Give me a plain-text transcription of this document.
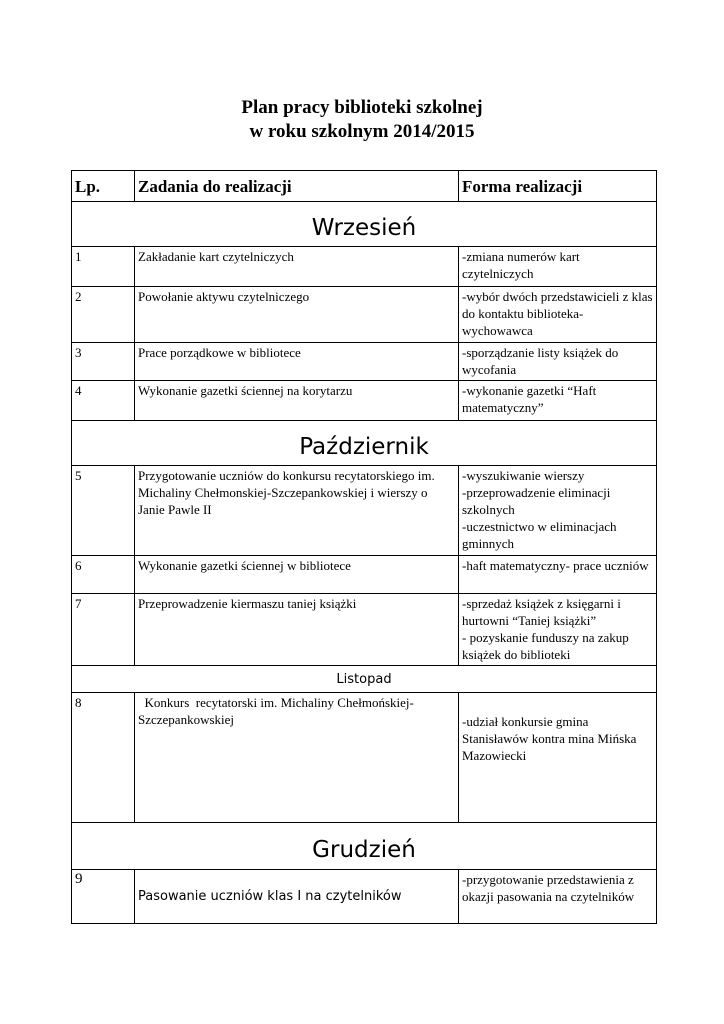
Plan pracy biblioteki szkolnej
w roku szkolnym 2014/2015
Lp.	Zadania do realizacji	Forma realizacji
Wrzesień		
1	Zakładanie kart czytelniczych	-zmiana numerów kart czytelniczych
2	Powołanie aktywu czytelniczego	-wybór dwóch przedstawicieli z klas do kontaktu biblioteka-wychowawca
3	Prace porządkowe w bibliotece	-sporządzanie listy książek do wycofania
4	Wykonanie gazetki ściennej na korytarzu	-wykonanie gazetki “Haft matematyczny”
Październik		
5	Przygotowanie uczniów do konkursu recytatorskiego im. Michaliny Chełmonskiej-Szczepankowskiej i wierszy o Janie Pawle II	-wyszukiwanie wierszy
-przeprowadzenie eliminacji szkolnych
-uczestnictwo w eliminacjach gminnych

6	Wykonanie gazetki ściennej w bibliotece	-haft matematyczny- prace uczniów
7	Przeprowadzenie kiermaszu taniej książki	-sprzedaż książek z księgarni i hurtowni “Taniej książki”
- pozyskanie funduszy na zakup książek do biblioteki

Listopad		
8	Konkurs  recytatorski im. Michaliny Chełmońskiej-Szczepankowskiej	-udział konkursie gmina Stanisławów kontra mina Mińska Mazowiecki
Grudzień		
9	Pasowanie uczniów klas I na czytelników	-przygotowanie przedstawienia z okazji pasowania na czytelników
